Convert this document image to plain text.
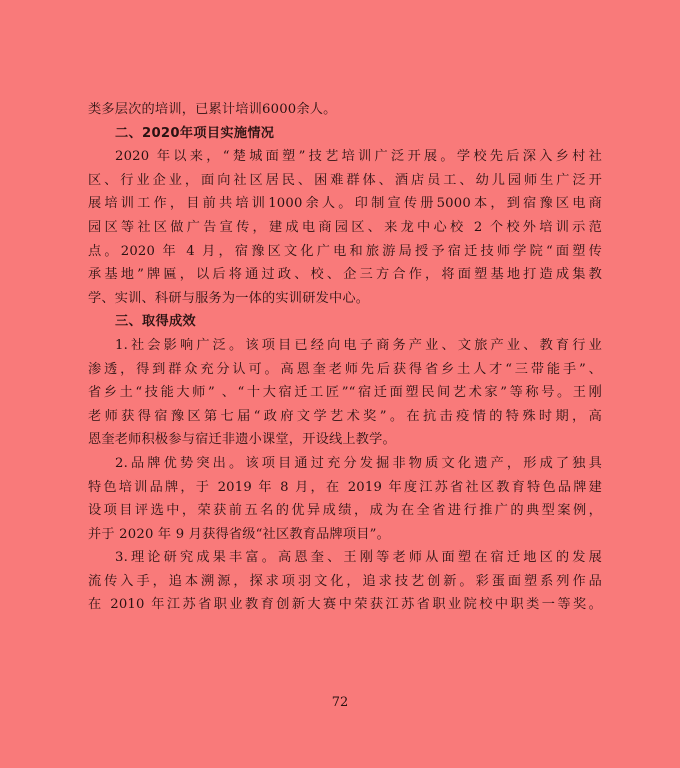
类多层次的培训，已累计培训6000余人。
二、2020年项目实施情况
2020 年以来，“楚城面塑”技艺培训广泛开展。学校先后深入乡村社
区、行业企业，面向社区居民、困难群体、酒店员工、幼儿园师生广泛开
展培训工作，目前共培训1000余人。印制宣传册5000本，到宿豫区电商
园区等社区做广告宣传，建成电商园区、来龙中心校 2 个校外培训示范
点。2020 年 4 月，宿豫区文化广电和旅游局授予宿迁技师学院“面塑传
承基地”牌匾，以后将通过政、校、企三方合作，将面塑基地打造成集教
学、实训、科研与服务为一体的实训研发中心。
三、取得成效
1.社会影响广泛。该项目已经向电子商务产业、文旅产业、教育行业
渗透，得到群众充分认可。高恩奎老师先后获得省乡土人才“三带能手”、
省乡土“技能大师” 、“十大宿迁工匠”“宿迁面塑民间艺术家”等称号。王刚
老师获得宿豫区第七届“政府文学艺术奖”。在抗击疫情的特殊时期，高
恩奎老师积极参与宿迁非遗小课堂，开设线上教学。
2.品牌优势突出。该项目通过充分发掘非物质文化遗产，形成了独具
特色培训品牌，于 2019 年 8 月，在 2019 年度江苏省社区教育特色品牌建
设项目评选中，荣获前五名的优异成绩，成为在全省进行推广的典型案例，
并于 2020 年 9 月获得省级“社区教育品牌项目”。
3.理论研究成果丰富。高恩奎、王刚等老师从面塑在宿迁地区的发展
流传入手，追本溯源，探求项羽文化，追求技艺创新。彩蛋面塑系列作品
在 2010 年江苏省职业教育创新大赛中荣获江苏省职业院校中职类一等奖。
72
